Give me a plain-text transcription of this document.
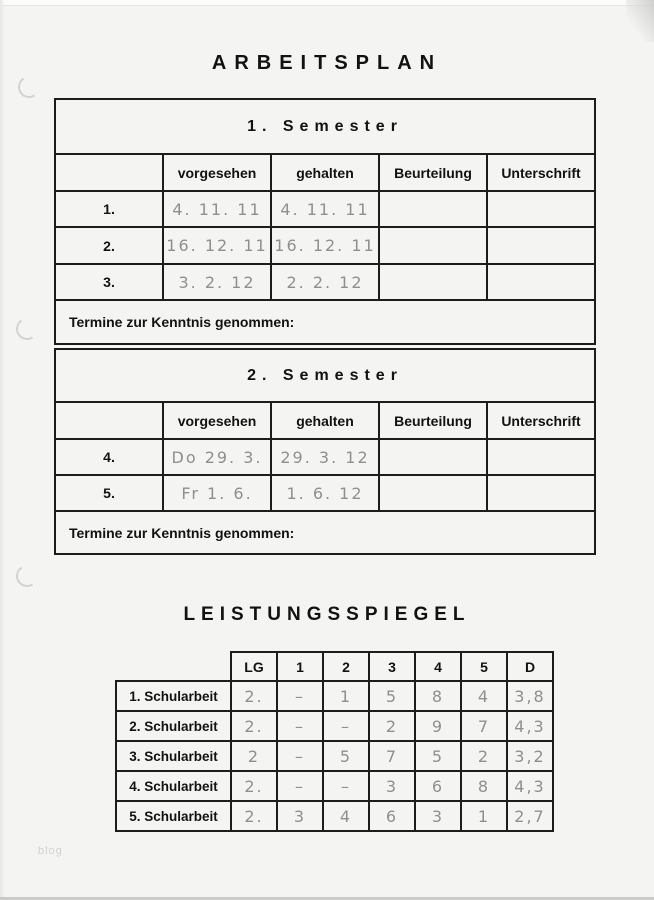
ARBEITSPLAN
1. Semester				
	vorgesehen	gehalten	Beurteilung	Unterschrift
1.	4. 11. 11	4. 11. 11		
2.	16. 12. 11	16. 12. 11		
3.	3. 2. 12	2. 2. 12		
Termine zur Kenntnis genommen:				
2. Semester				
	vorgesehen	gehalten	Beurteilung	Unterschrift
4.	Do 29. 3.	29. 3. 12		
5.	Fr 1. 6.	1. 6. 12		
Termine zur Kenntnis genommen:				
LEISTUNGSSPIEGEL
	LG	1	2	3	4	5	D
1. Schularbeit	2.	–	1	5	8	4	3,8
2. Schularbeit	2.	–	–	2	9	7	4,3
3. Schularbeit	2	–	5	7	5	2	3,2
4. Schularbeit	2.	–	–	3	6	8	4,3
5. Schularbeit	2.	3	4	6	3	1	2,7
blog
